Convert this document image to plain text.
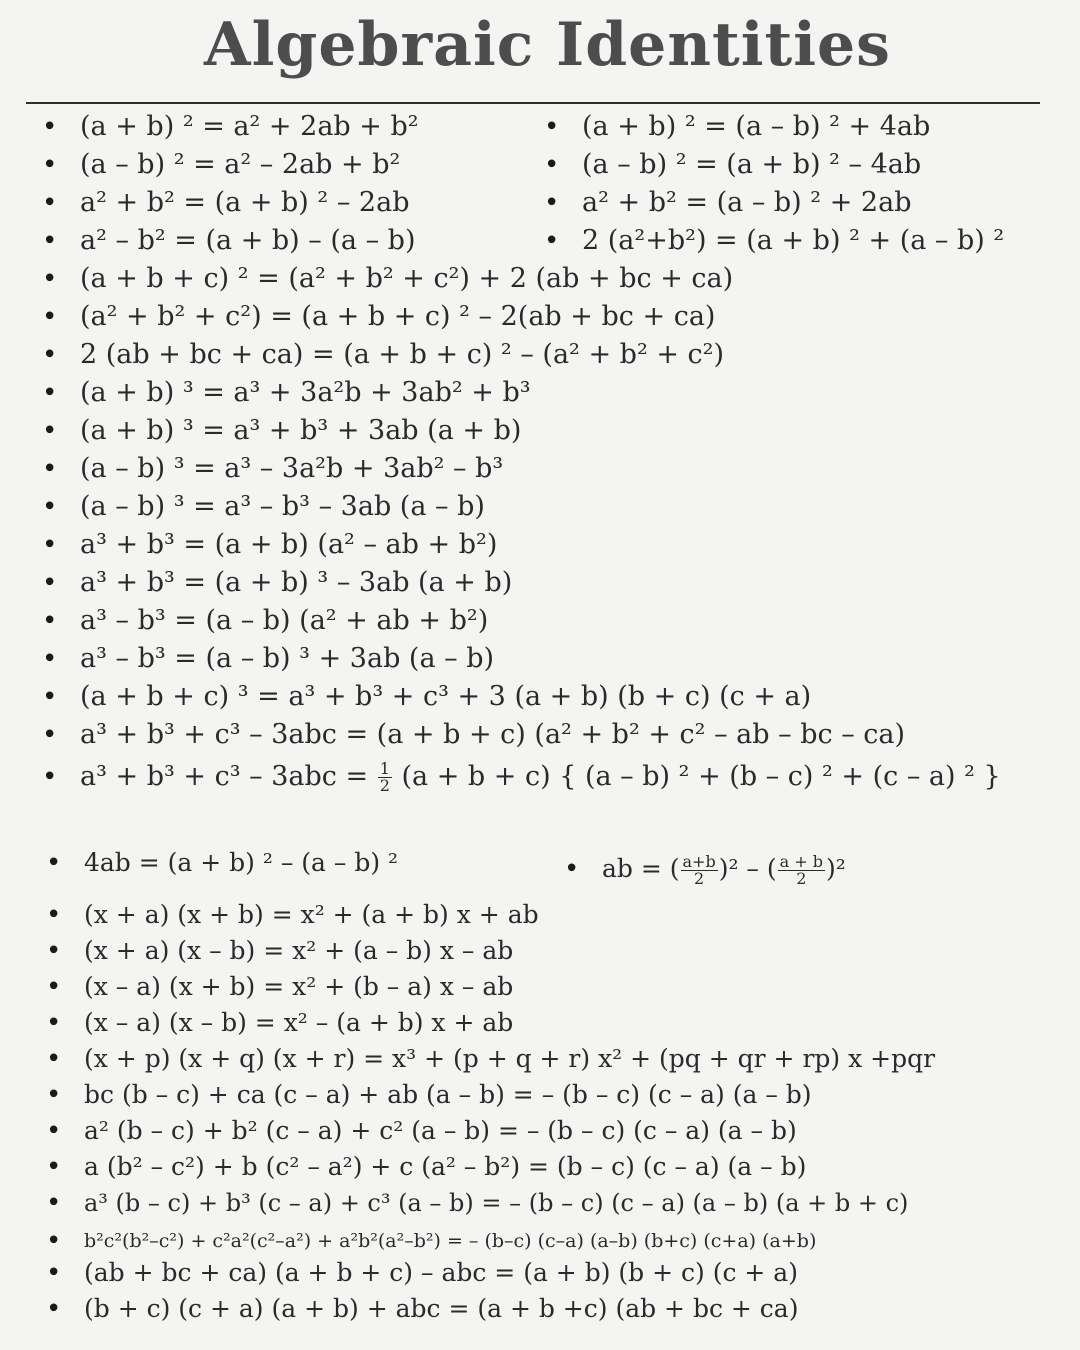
Algebraic Identities
• (a + b) ² = a² + 2ab + b²
• (a – b) ² = a² – 2ab + b²
• a² + b² = (a + b) ² – 2ab
• a² – b² = (a + b) – (a – b)
• (a + b) ² = (a – b) ² + 4ab
• (a – b) ² = (a + b) ² – 4ab
• a² + b² = (a – b) ² + 2ab
• 2 (a²+b²) = (a + b) ² + (a – b) ²
• (a + b + c) ² = (a² + b² + c²) + 2 (ab + bc + ca)
• (a² + b² + c²) = (a + b + c) ² – 2(ab + bc + ca)
• 2 (ab + bc + ca) = (a + b + c) ² – (a² + b² + c²)
• (a + b) ³ = a³ + 3a²b + 3ab² + b³
• (a + b) ³ = a³ + b³ + 3ab (a + b)
• (a – b) ³ = a³ – 3a²b + 3ab² – b³
• (a – b) ³ = a³ – b³ – 3ab (a – b)
• a³ + b³ = (a + b) (a² – ab + b²)
• a³ + b³ = (a + b) ³ – 3ab (a + b)
• a³ – b³ = (a – b) (a² + ab + b²)
• a³ – b³ = (a – b) ³ + 3ab (a – b)
• (a + b + c) ³ = a³ + b³ + c³ + 3 (a + b) (b + c) (c + a)
• a³ + b³ + c³ – 3abc = (a + b + c) (a² + b² + c² – ab – bc – ca)
• $a^3 + b^3 + c^3 - 3abc = \frac{1}{2} (a + b + c)$ { (a – b) ² + (b – c) ² + (c – a) ² }
• 4ab = (a + b) ² – (a – b) ²
•	ab = ( $\frac{a+b}{2} )^2$ – ( $\frac{a + b}{2} )^2$
• (x + a) (x + b) = x² + (a + b) x + ab
• (x + a) (x – b) = x² + (a – b) x – ab
• (x – a) (x + b) = x² + (b – a) x – ab
• (x – a) (x – b) = x² – (a + b) x + ab
• (x + p) (x + q) (x + r) = x³ + (p + q + r) x² + (pq + qr + rp) x +pqr
• bc (b – c) + ca (c – a) + ab (a – b) = – (b – c) (c – a) (a – b)
• a² (b – c) + b² (c – a) + c² (a – b) = – (b – c) (c – a) (a – b)
• a (b² – c²) + b (c² – a²) + c (a² – b²) = (b – c) (c – a) (a – b)
• a³ (b – c) + b³ (c – a) + c³ (a – b) = – (b – c) (c – a) (a – b) (a + b + c)
• b²c²(b²–c²) + c²a²(c²–a²) + a²b²(a²–b²) = – (b–c) (c–a) (a–b) (b+c) (c+a) (a+b)
• (ab + bc + ca) (a + b + c) – abc = (a + b) (b + c) (c + a)
• (b + c) (c + a) (a + b) + abc = (a + b +c) (ab + bc + ca)
